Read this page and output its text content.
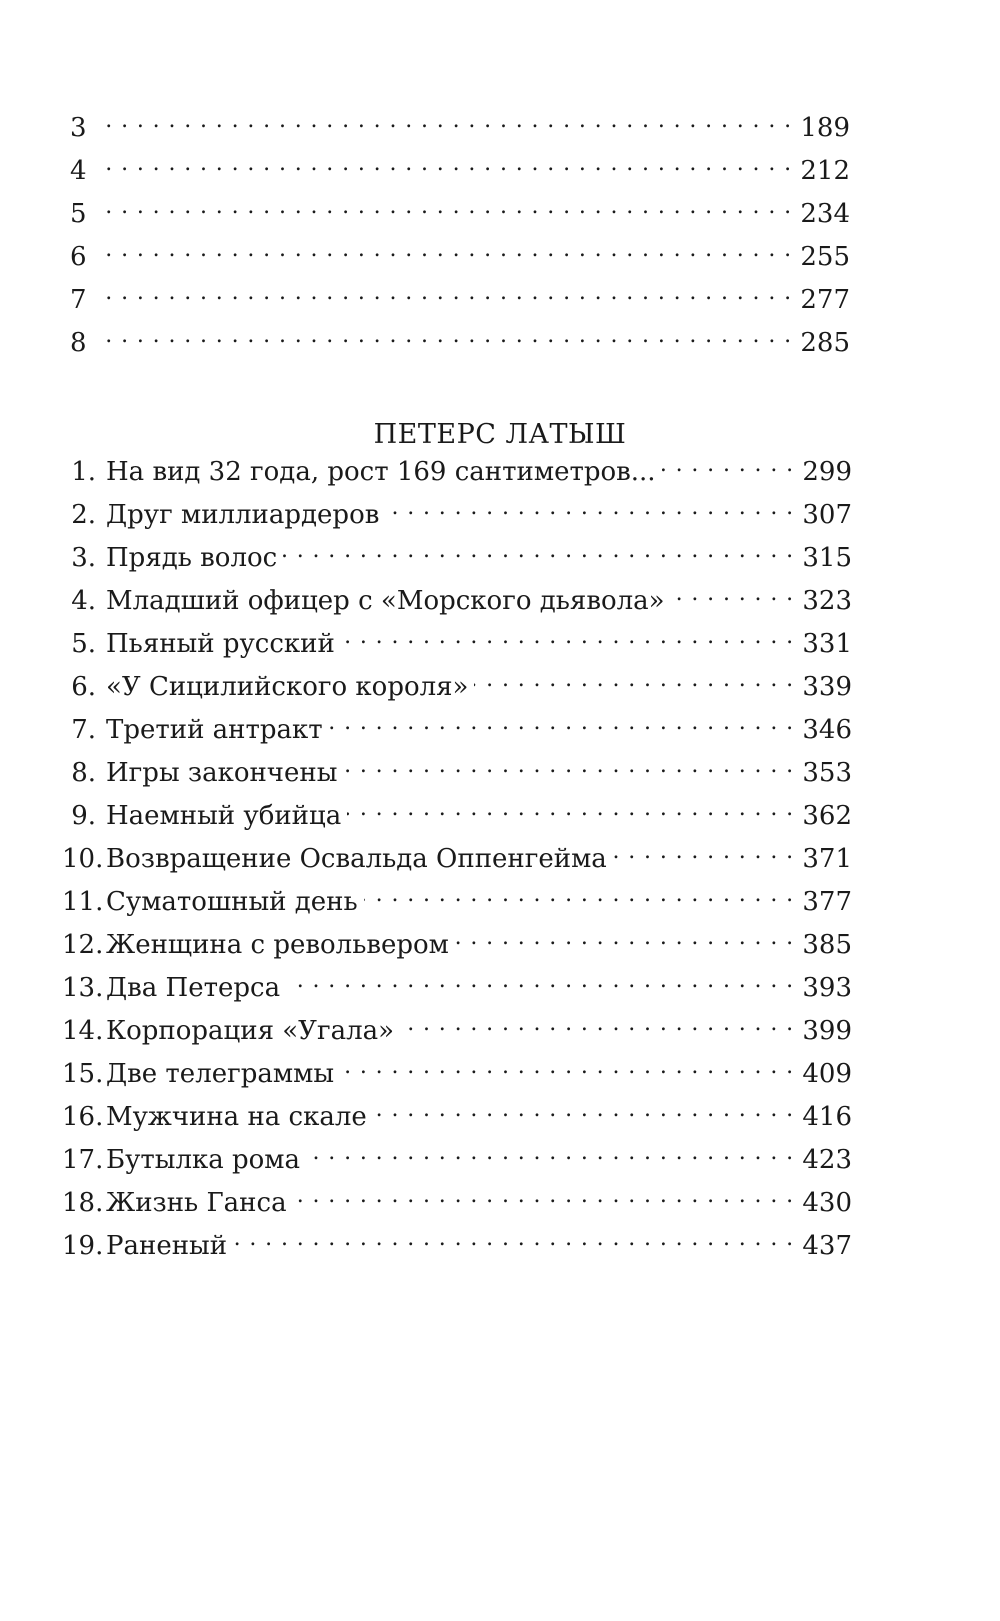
3 . . .	189
4 . . .	212
5 . . .	234
6 . . .	255
7 . . .	277
8 . . .	285
ПЕТЕРС ЛАТЫШ
1. На вид 32 года, рост 169 сантиметров... . . .	299
2. Друг миллиардеров . . .	307
3. Прядь волос . . .	315
4. Младший офицер с «Морского дьявола» . . .	323
5. Пьяный русский . . .	331
6. «У Сицилийского короля» . . .	339
7. Третий антракт . . .	346
8. Игры закончены . . .	353
9. Наемный убийца . . .	362
10. Возвращение Освальда Оппенгейма . . .	371
11. Суматошный день . . .	377
12. Женщина с револьвером . . .	385
13. Два Петерса . . .	393
14. Корпорация «Угала» . . .	399
15. Две телеграммы . . .	409
16. Мужчина на скале . . .	416
17. Бутылка рома . . .	423
18. Жизнь Ганса . . .	430
19. Раненый . . .	437
